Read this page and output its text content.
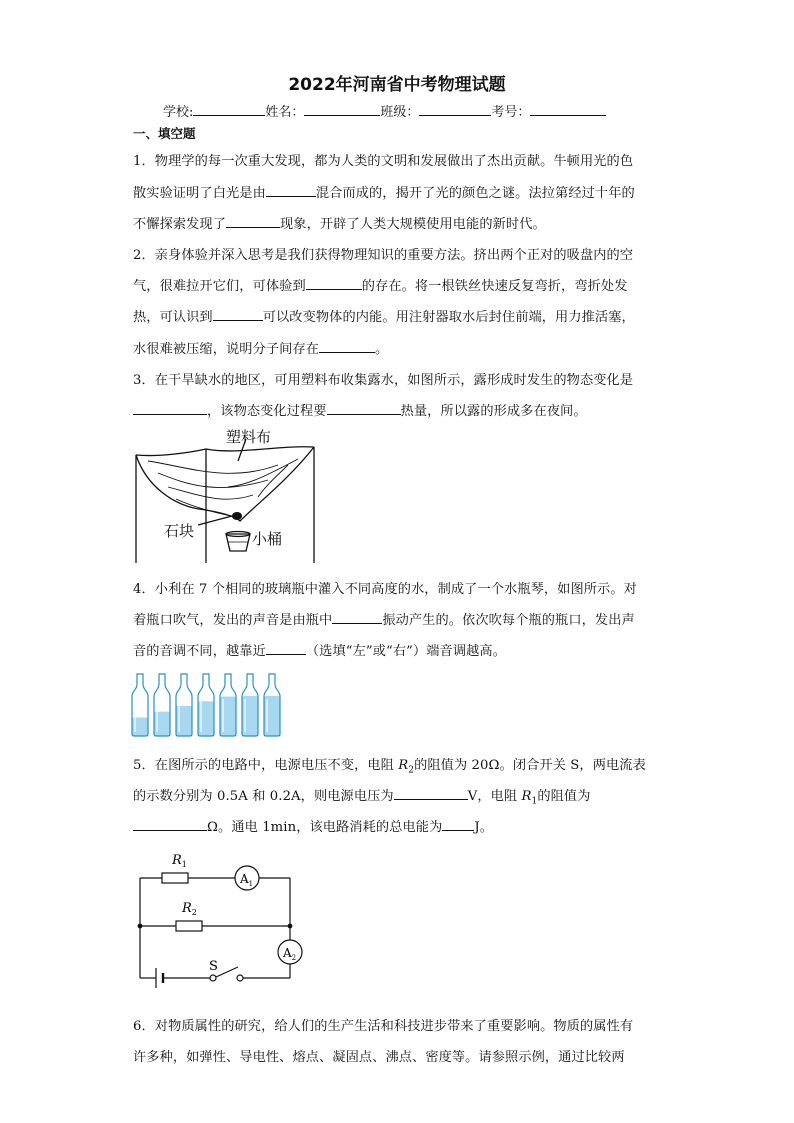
2022年河南省中考物理试题
学校:	姓名：	班级：	考号：
一、填空题
1．物理学的每一次重大发现，都为人类的文明和发展做出了杰出贡献。牛顿用光的色
散实验证明了白光是由	混合而成的，揭开了光的颜色之谜。法拉第经过十年的
不懈探索发现了	现象，开辟了人类大规模使用电能的新时代。
2．亲身体验并深入思考是我们获得物理知识的重要方法。挤出两个正对的吸盘内的空
气，很难拉开它们，可体验到	的存在。将一根铁丝快速反复弯折，弯折处发
热，可认识到	可以改变物体的内能。用注射器取水后封住前端，用力推活塞，
水很难被压缩，说明分子间存在	。
3．在干旱缺水的地区，可用塑料布收集露水，如图所示，露形成时发生的物态变化是
，该物态变化过程要	热量，所以露的形成多在夜间。
塑料布
石块	小桶
4．小利在 7 个相同的玻璃瓶中灌入不同高度的水，制成了一个水瓶琴，如图所示。对
着瓶口吹气，发出的声音是由瓶中	振动产生的。依次吹每个瓶的瓶口，发出声
音的音调不同，越靠近	（选填“左”或“右”）端音调越高。
5．在图所示的电路中，电源电压不变，电阻 $R_2$的阻值为 20Ω。闭合开关 S，两电流表
的示数分别为 0.5A 和 0.2A，则电源电压为	V，电阻 $R_1$的阻值为
Ω。通电 1min，该电路消耗的总电能为 J。
$R_1$
$R_2$
$A_1$
$A_2$
S
6．对物质属性的研究，给人们的生产生活和科技进步带来了重要影响。物质的属性有
许多种，如弹性、导电性、熔点、凝固点、沸点、密度等。请参照示例，通过比较两
